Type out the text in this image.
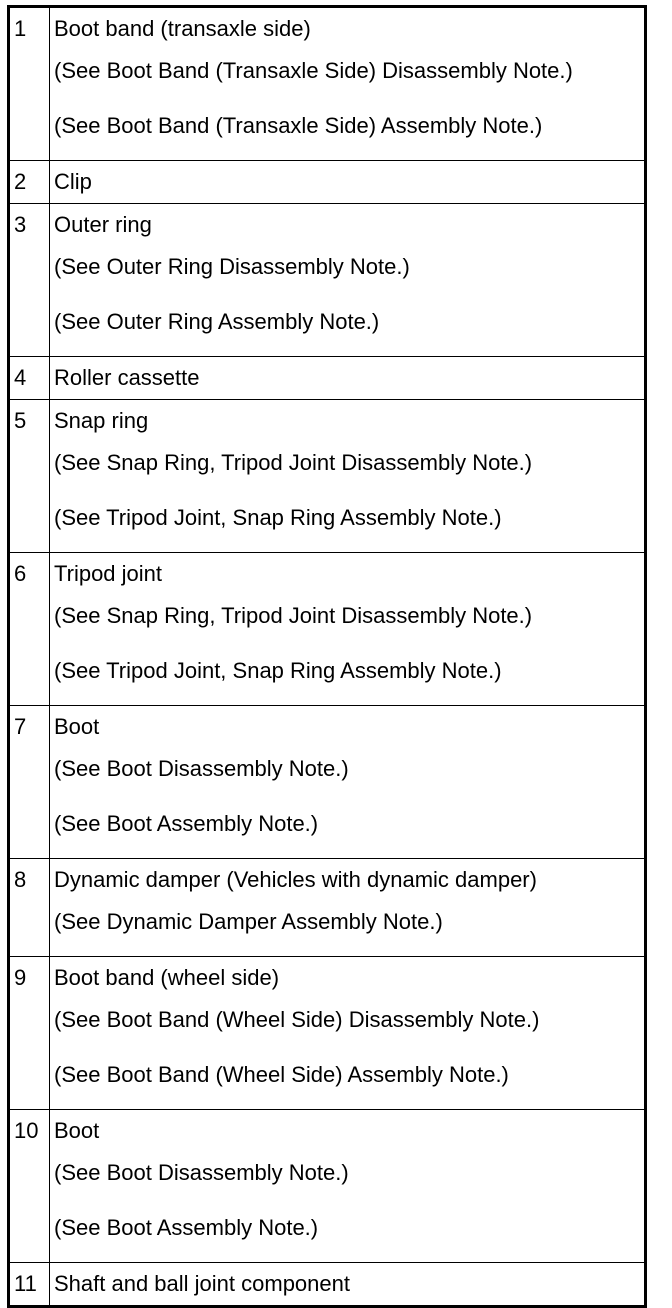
1	Boot band (transaxle side)
(See Boot Band (Transaxle Side) Disassembly Note.)
(See Boot Band (Transaxle Side) Assembly Note.)

2	Clip

3	Outer ring
(See Outer Ring Disassembly Note.)
(See Outer Ring Assembly Note.)

4	Roller cassette

5	Snap ring
(See Snap Ring, Tripod Joint Disassembly Note.)
(See Tripod Joint, Snap Ring Assembly Note.)

6	Tripod joint
(See Snap Ring, Tripod Joint Disassembly Note.)
(See Tripod Joint, Snap Ring Assembly Note.)

7	Boot
(See Boot Disassembly Note.)
(See Boot Assembly Note.)

8	Dynamic damper (Vehicles with dynamic damper)
(See Dynamic Damper Assembly Note.)

9	Boot band (wheel side)
(See Boot Band (Wheel Side) Disassembly Note.)
(See Boot Band (Wheel Side) Assembly Note.)

10	Boot
(See Boot Disassembly Note.)
(See Boot Assembly Note.)

11	Shaft and ball joint component
